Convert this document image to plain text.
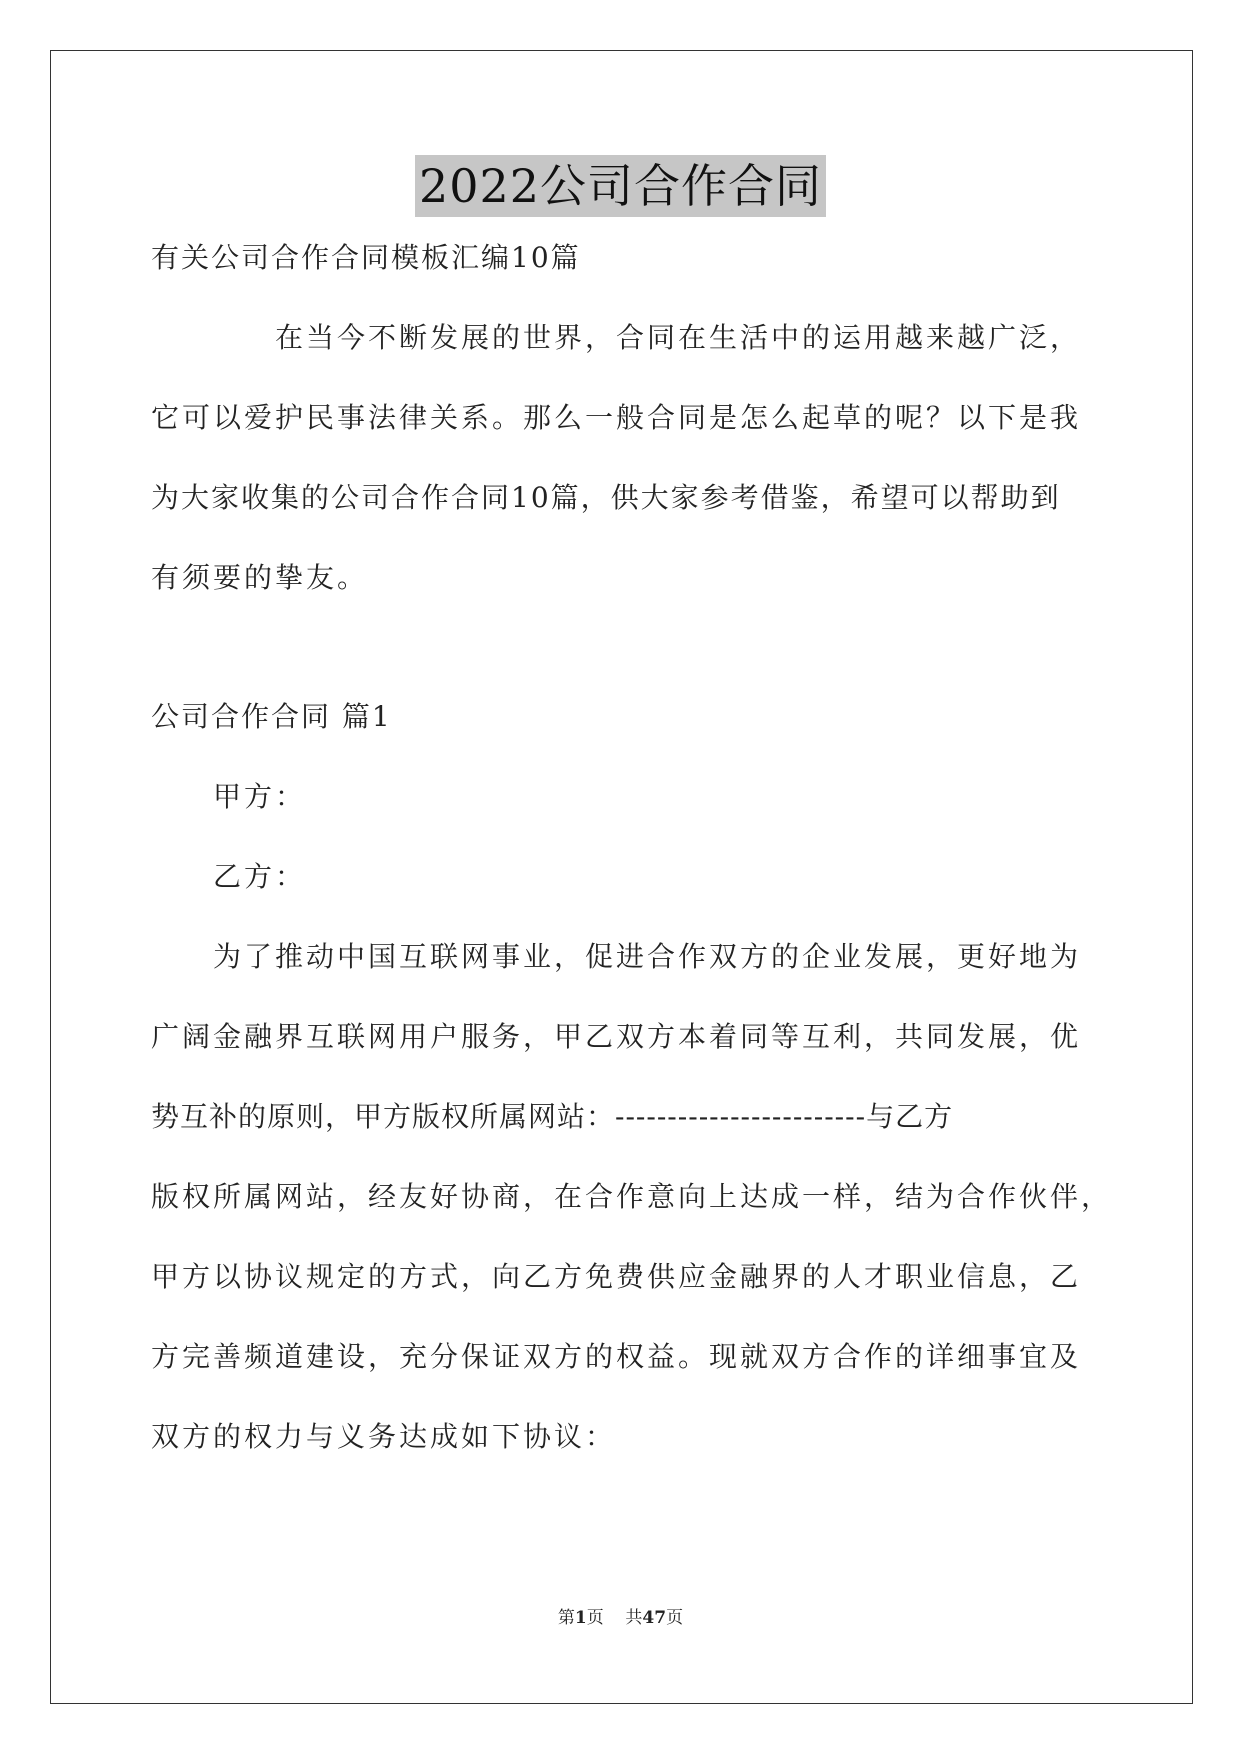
2022公司合作合同
有关公司合作合同模板汇编10篇
在当今不断发展的世界，合同在生活中的运用越来越广泛，
它可以爱护民事法律关系。那么一般合同是怎么起草的呢？以下是我
为大家收集的公司合作合同10篇，供大家参考借鉴，希望可以帮助到
有须要的挚友。
公司合作合同 篇1
甲方：
乙方：
为了推动中国互联网事业，促进合作双方的企业发展，更好地为
广阔金融界互联网用户服务，甲乙双方本着同等互利，共同发展，优
势互补的原则，甲方版权所属网站：------------------------与乙方
版权所属网站，经友好协商，在合作意向上达成一样，结为合作伙伴，
甲方以协议规定的方式，向乙方免费供应金融界的人才职业信息，乙
方完善频道建设，充分保证双方的权益。现就双方合作的详细事宜及
双方的权力与义务达成如下协议：
第1页 共47页
